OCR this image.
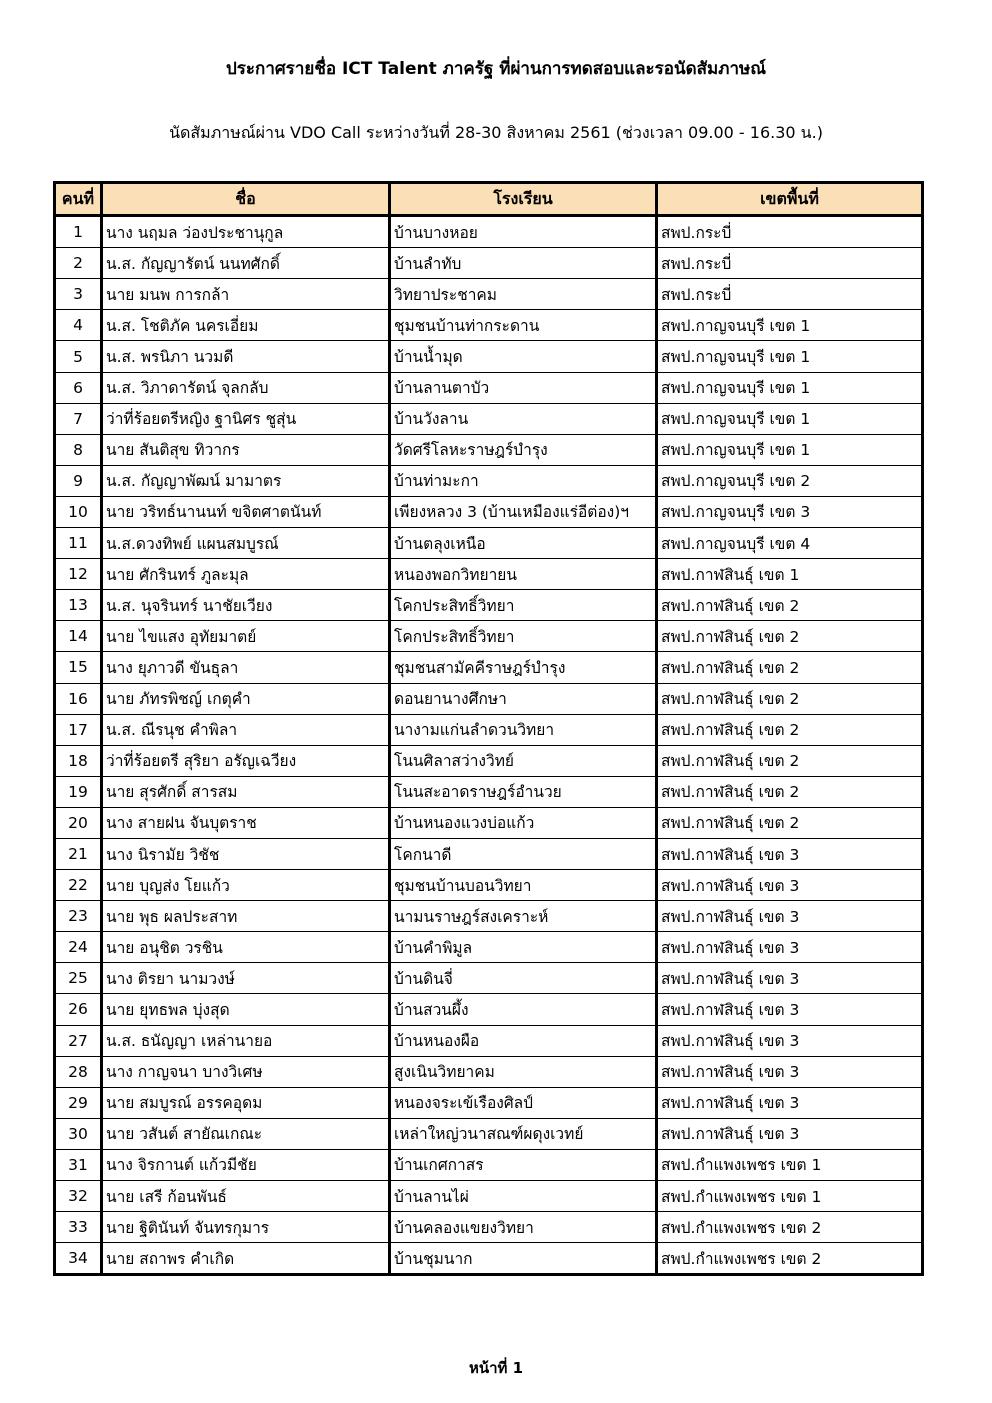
ประกาศรายชื่อ ICT Talent ภาครัฐ ที่ผ่านการทดสอบและรอนัดสัมภาษณ์
นัดสัมภาษณ์ผ่าน VDO Call ระหว่างวันที่ 28-30 สิงหาคม 2561 (ช่วงเวลา 09.00 - 16.30 น.)
คนที่	ชื่อ	โรงเรียน	เขตพื้นที่
1	นาง นฤมล ว่องประชานุกูล	บ้านบางหอย	สพป.กระบี่
2	น.ส. กัญญารัตน์ นนทศักดิ์	บ้านลำทับ	สพป.กระบี่
3	นาย มนพ การกล้า	วิทยาประชาคม	สพป.กระบี่
4	น.ส. โชติภัค นครเอี่ยม	ชุมชนบ้านท่ากระดาน	สพป.กาญจนบุรี เขต 1
5	น.ส. พรนิภา นวมดี	บ้านน้ำมุด	สพป.กาญจนบุรี เขต 1
6	น.ส. วิภาดารัตน์ จุลกลับ	บ้านลานตาบัว	สพป.กาญจนบุรี เขต 1
7	ว่าที่ร้อยตรีหญิง ฐานิศร ชูสุ่น	บ้านวังลาน	สพป.กาญจนบุรี เขต 1
8	นาย สันติสุข ทิวากร	วัดศรีโลหะราษฎร์บำรุง	สพป.กาญจนบุรี เขต 1
9	น.ส. กัญญาพัฒน์ มามาตร	บ้านท่ามะกา	สพป.กาญจนบุรี เขต 2
10	นาย วริทธ์นานนท์ ขจิตศาตนันท์	เพียงหลวง 3 (บ้านเหมืองแร่อีต่อง)ฯ	สพป.กาญจนบุรี เขต 3
11	น.ส.ดวงทิพย์ แผนสมบูรณ์	บ้านตลุงเหนือ	สพป.กาญจนบุรี เขต 4
12	นาย ศักรินทร์ ภูละมุล	หนองพอกวิทยายน	สพป.กาฬสินธุ์ เขต 1
13	น.ส. นุจรินทร์ นาชัยเวียง	โคกประสิทธิ์วิทยา	สพป.กาฬสินธุ์ เขต 2
14	นาย ไขแสง อุทัยมาตย์	โคกประสิทธิ์วิทยา	สพป.กาฬสินธุ์ เขต 2
15	นาง ยุภาวดี ขันธุลา	ชุมชนสามัคคีราษฎร์บำรุง	สพป.กาฬสินธุ์ เขต 2
16	นาย ภัทรพิชญ์ เกตุคำ	ดอนยานางศึกษา	สพป.กาฬสินธุ์ เขต 2
17	น.ส. ณีรนุช คำพิลา	นางามแก่นลำดวนวิทยา	สพป.กาฬสินธุ์ เขต 2
18	ว่าที่ร้อยตรี สุริยา อรัญเฉวียง	โนนศิลาสว่างวิทย์	สพป.กาฬสินธุ์ เขต 2
19	นาย สุรศักดิ์ สารสม	โนนสะอาดราษฎร์อำนวย	สพป.กาฬสินธุ์ เขต 2
20	นาง สายฝน จันบุตราช	บ้านหนองแวงบ่อแก้ว	สพป.กาฬสินธุ์ เขต 2
21	นาง นิรามัย วิชัช	โคกนาดี	สพป.กาฬสินธุ์ เขต 3
22	นาย บุญส่ง โยแก้ว	ชุมชนบ้านบอนวิทยา	สพป.กาฬสินธุ์ เขต 3
23	นาย พุธ ผลประสาท	นามนราษฎร์สงเคราะห์	สพป.กาฬสินธุ์ เขต 3
24	นาย อนุชิต วรชิน	บ้านคำพิมูล	สพป.กาฬสินธุ์ เขต 3
25	นาง ติรยา นามวงษ์	บ้านดินจี่	สพป.กาฬสินธุ์ เขต 3
26	นาย ยุทธพล บุ่งสุด	บ้านสวนผึ้ง	สพป.กาฬสินธุ์ เขต 3
27	น.ส. ธนัญญา เหล่านายอ	บ้านหนองผือ	สพป.กาฬสินธุ์ เขต 3
28	นาง กาญจนา บางวิเศษ	สูงเนินวิทยาคม	สพป.กาฬสินธุ์ เขต 3
29	นาย สมบูรณ์ อรรคอุดม	หนองจระเข้เรืองศิลป์	สพป.กาฬสินธุ์ เขต 3
30	นาย วสันต์ สายัณเกณะ	เหล่าใหญ่วนาสณฑ์ผดุงเวทย์	สพป.กาฬสินธุ์ เขต 3
31	นาง จิรกานต์ แก้วมีชัย	บ้านเกศกาสร	สพป.กำแพงเพชร เขต 1
32	นาย เสรี ก้อนพันธ์	บ้านลานไผ่	สพป.กำแพงเพชร เขต 1
33	นาย ฐิตินันท์ จันทรกุมาร	บ้านคลองแขยงวิทยา	สพป.กำแพงเพชร เขต 2
34	นาย สถาพร คำเกิด	บ้านชุมนาก	สพป.กำแพงเพชร เขต 2
หน้าที่ 1
